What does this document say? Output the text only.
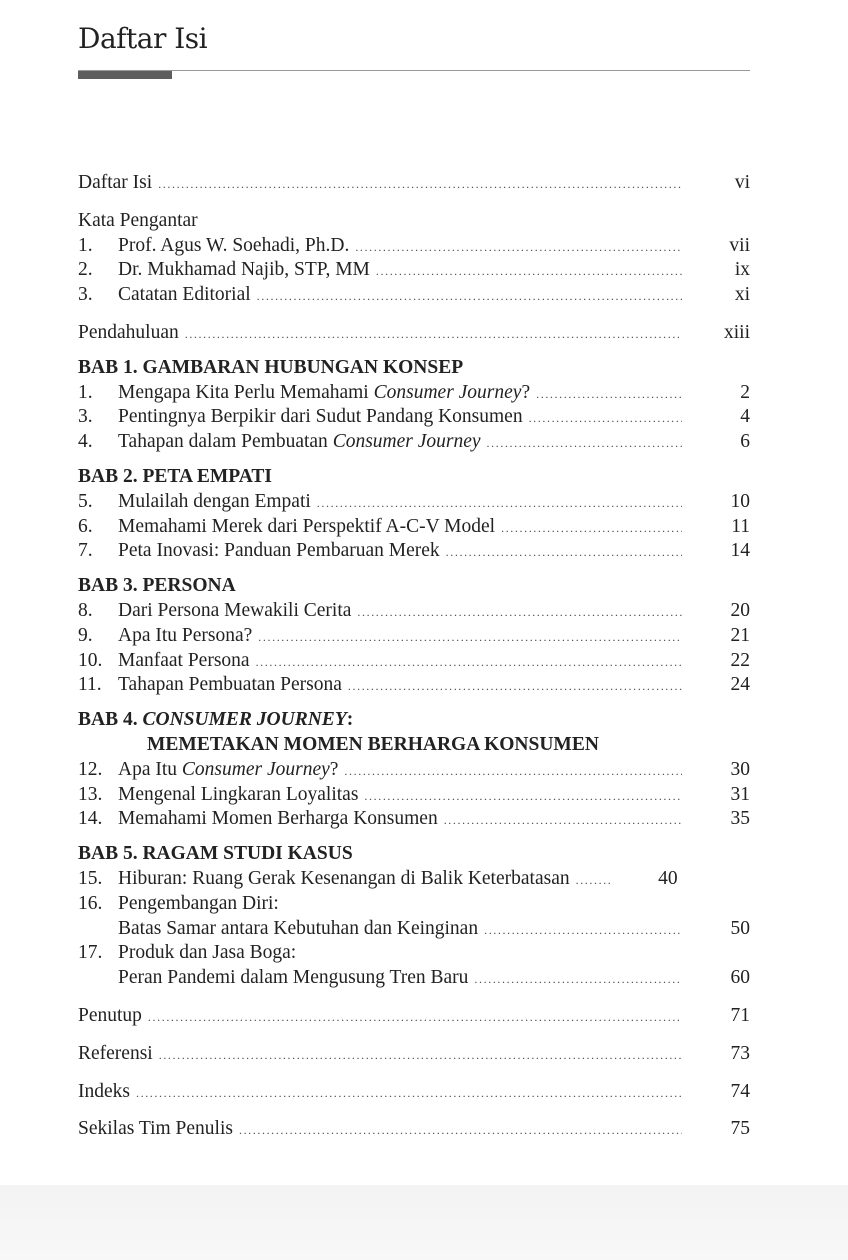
Daftar Isi
Daftar Isi .....	vi
Kata Pengantar
1.	Prof. Agus W. Soehadi, Ph.D. .....	vii
2.	Dr. Mukhamad Najib, STP, MM .....	ix
3.	Catatan Editorial .....	xi
Pendahuluan .....	xiii
BAB 1. GAMBARAN HUBUNGAN KONSEP
1.	Mengapa Kita Perlu Memahami Consumer Journey? .....	2
3.	Pentingnya Berpikir dari Sudut Pandang Konsumen .....	4
4.	Tahapan dalam Pembuatan Consumer Journey .....	6
BAB 2. PETA EMPATI
5.	Mulailah dengan Empati .....	10
6.	Memahami Merek dari Perspektif A-C-V Model .....	11
7.	Peta Inovasi: Panduan Pembaruan Merek .....	14
BAB 3. PERSONA
8.	Dari Persona Mewakili Cerita .....	20
9.	Apa Itu Persona? .....	21
10. Manfaat Persona .....	22
11. Tahapan Pembuatan Persona .....	24
BAB 4. CONSUMER JOURNEY:
MEMETAKAN MOMEN BERHARGA KONSUMEN
12. Apa Itu Consumer Journey? .....	30
13. Mengenal Lingkaran Loyalitas .....	31
14. Memahami Momen Berharga Konsumen .....	35
BAB 5. RAGAM STUDI KASUS
15. Hiburan: Ruang Gerak Kesenangan di Balik Keterbatasan .....	40
16. Pengembangan Diri:
Batas Samar antara Kebutuhan dan Keinginan .....	50
17. Produk dan Jasa Boga:
Peran Pandemi dalam Mengusung Tren Baru .....	60
Penutup .....	71
Referensi .....	73
Indeks .....	74
Sekilas Tim Penulis .....	75
